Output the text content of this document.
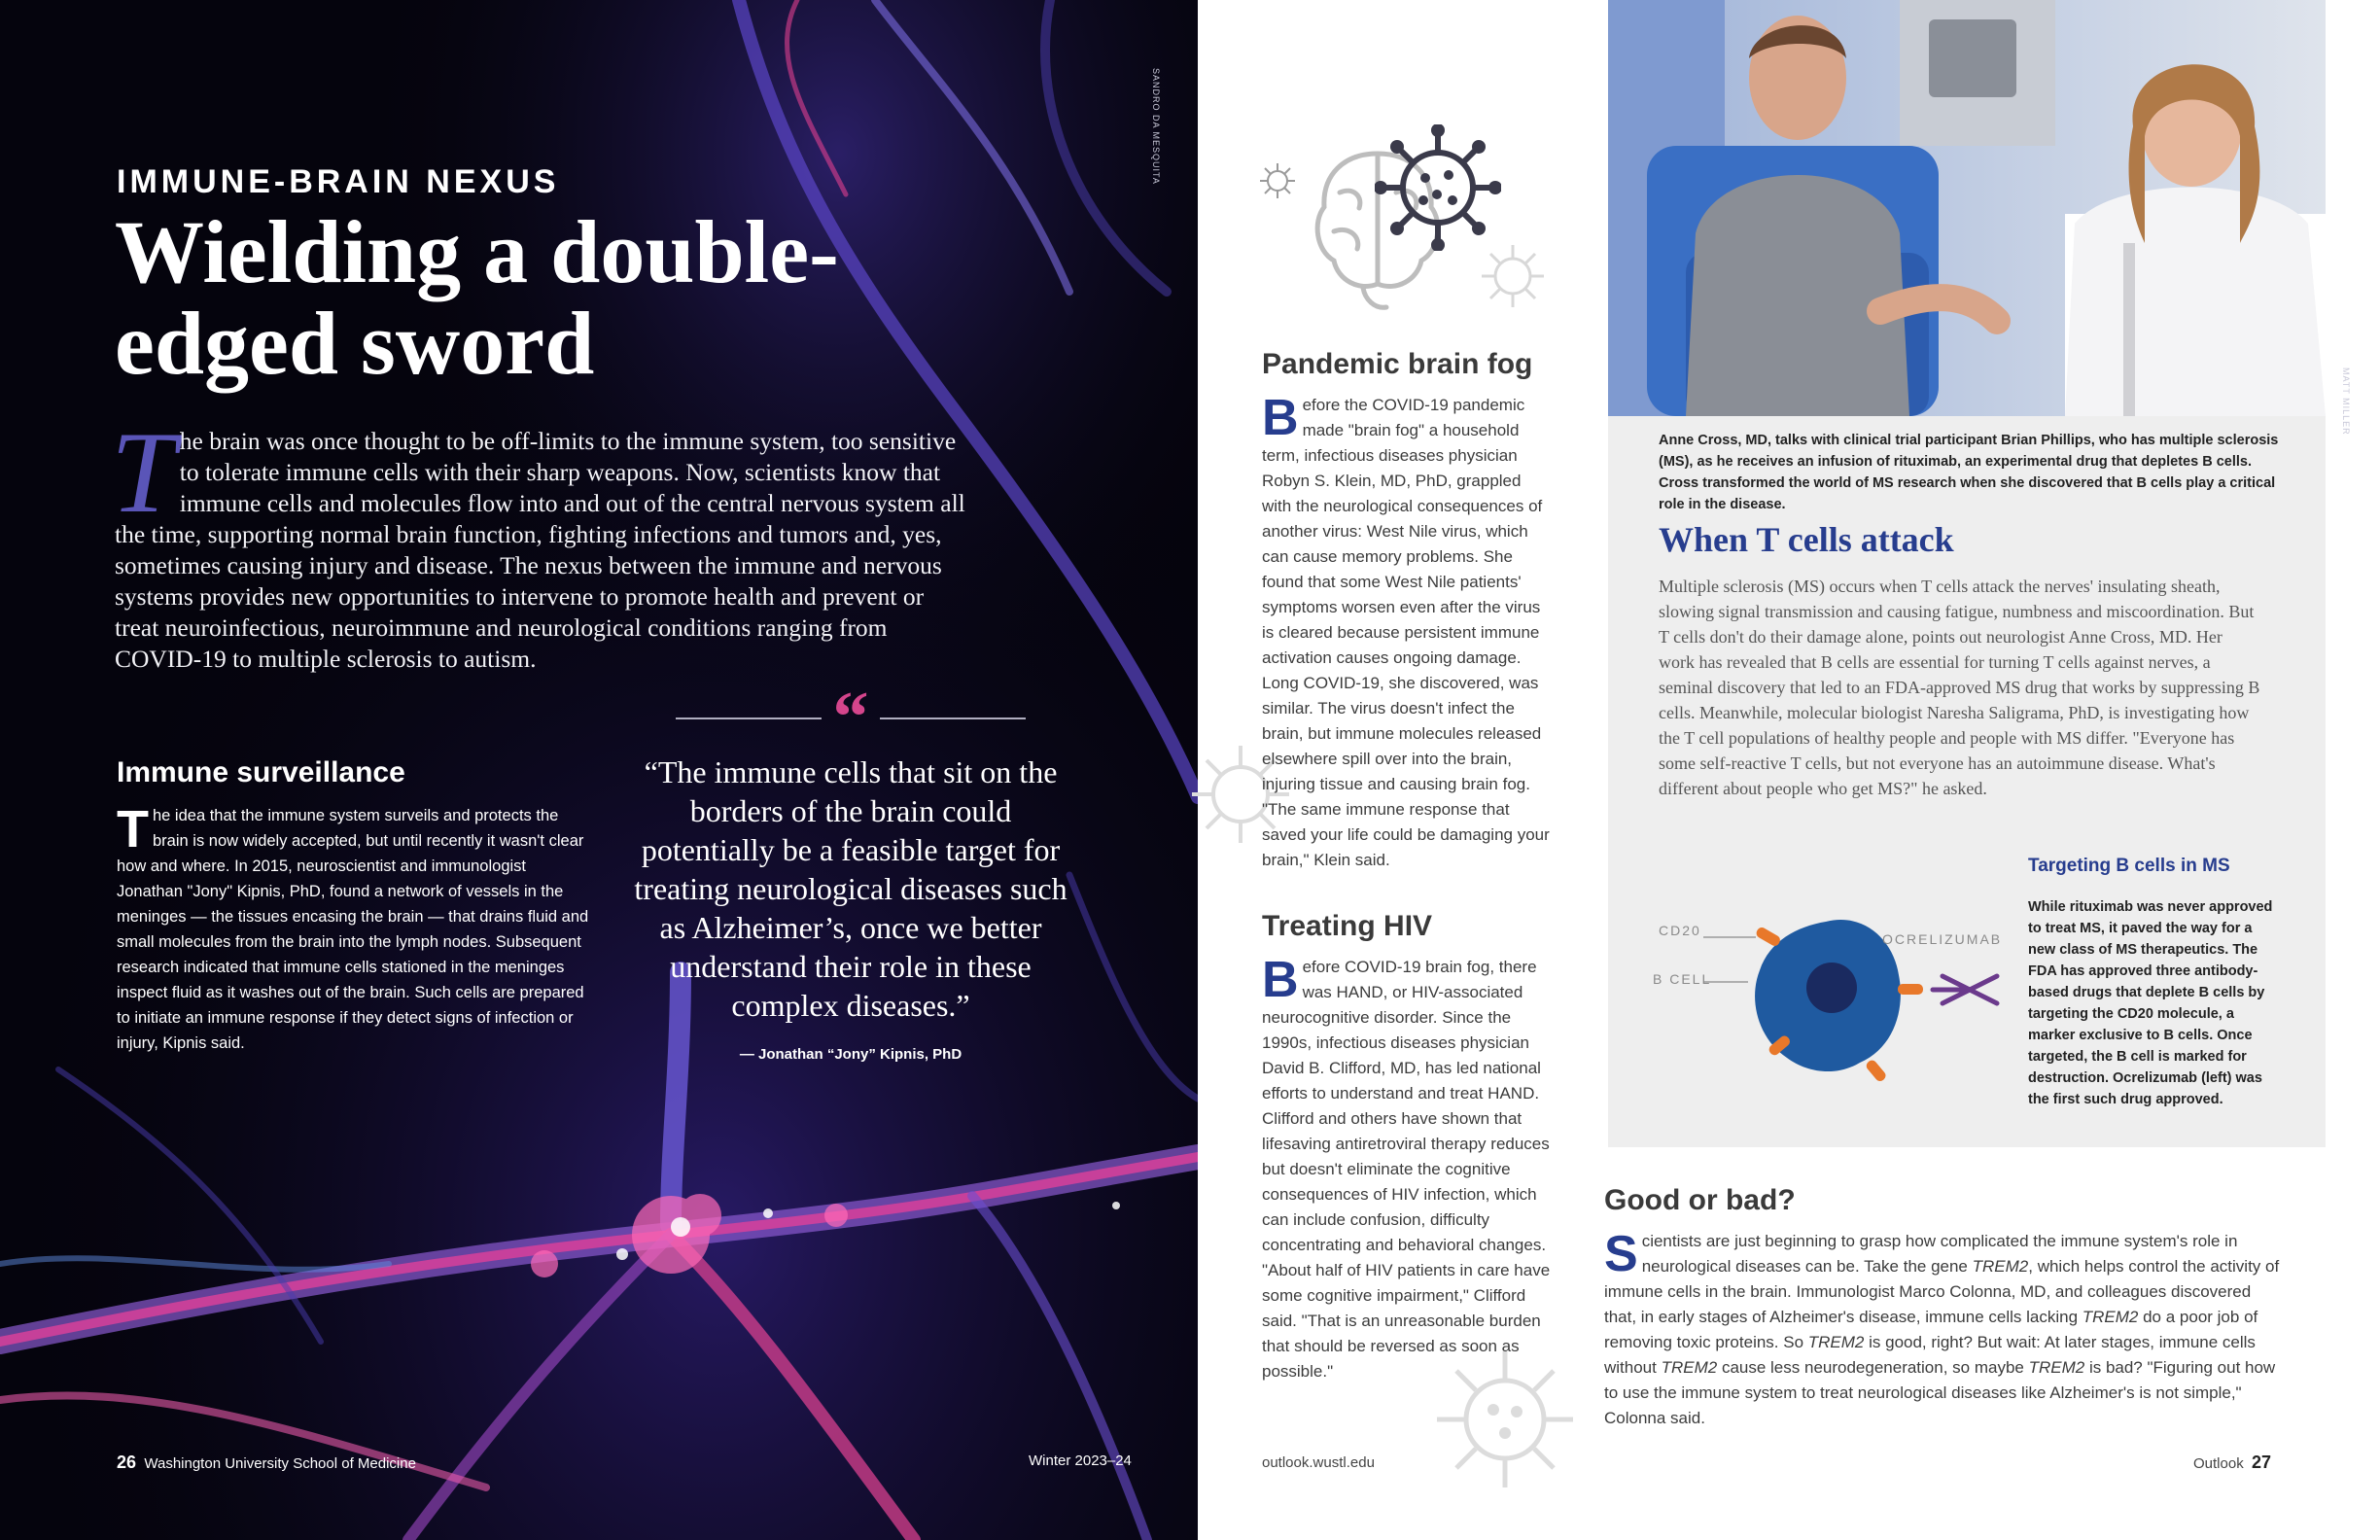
SANDRO DA MESQUITA
IMMUNE-BRAIN NEXUS
Wielding a double-edged sword

The brain was once thought to be off-limits to the immune system, too sensitive to tolerate immune cells with their sharp weapons. Now, scientists know that immune cells and molecules flow into and out of the central nervous system all the time, supporting normal brain function, fighting infections and tumors and, yes, sometimes causing injury and disease. The nexus between the immune and nervous systems provides new opportunities to intervene to promote health and prevent or treat neuroinfectious, neuroimmune and neurological conditions ranging from COVID-19 to multiple sclerosis to autism.

Immune surveillance

The idea that the immune system surveils and protects the brain is now widely accepted, but until recently it wasn't clear how and where. In 2015, neuroscientist and immunologist Jonathan "Jony" Kipnis, PhD, found a network of vessels in the meninges — the tissues encasing the brain — that drains fluid and small molecules from the brain into the lymph nodes. Subsequent research indicated that immune cells stationed in the meninges inspect fluid as it washes out of the brain. Such cells are prepared to initiate an immune response if they detect signs of infection or injury, Kipnis said.

“

“The immune cells that sit on the borders of the brain could potentially be a feasible target for treating neurological diseases such as Alzheimer’s, once we better understand their role in these complex diseases.”

— Jonathan “Jony” Kipnis, PhD

26 Washington University School of Medicine	Winter 2023–24
Pandemic brain fog

Before the COVID-19 pandemic made "brain fog" a household term, infectious diseases physician Robyn S. Klein, MD, PhD, grappled with the neurological consequences of another virus: West Nile virus, which can cause memory problems. She found that some West Nile patients' symptoms worsen even after the virus is cleared because persistent immune activation causes ongoing damage. Long COVID-19, she discovered, was similar. The virus doesn't infect the brain, but immune molecules released elsewhere spill over into the brain, injuring tissue and causing brain fog. "The same immune response that saved your life could be damaging your brain," Klein said.

Treating HIV

Before COVID-19 brain fog, there was HAND, or HIV-associated neurocognitive disorder. Since the 1990s, infectious diseases physician David B. Clifford, MD, has led national efforts to understand and treat HAND. Clifford and others have shown that lifesaving antiretroviral therapy reduces but doesn't eliminate the cognitive consequences of HIV infection, which can include confusion, difficulty concentrating and behavioral changes. "About half of HIV patients in care have some cognitive impairment," Clifford said. "That is an unreasonable burden that should be reversed as soon as possible."

MATT MILLER

Anne Cross, MD, talks with clinical trial participant Brian Phillips, who has multiple sclerosis (MS), as he receives an infusion of rituximab, an experimental drug that depletes B cells. Cross transformed the world of MS research when she discovered that B cells play a critical role in the disease.

When T cells attack

Multiple sclerosis (MS) occurs when T cells attack the nerves' insulating sheath, slowing signal transmission and causing fatigue, numbness and miscoordination. But T cells don't do their damage alone, points out neurologist Anne Cross, MD. Her work has revealed that B cells are essential for turning T cells against nerves, a seminal discovery that led to an FDA-approved MS drug that works by suppressing B cells. Meanwhile, molecular biologist Naresha Saligrama, PhD, is investigating how the T cell populations of healthy people and people with MS differ. "Everyone has some self-reactive T cells, but not everyone has an autoimmune disease. What's different about people who get MS?" he asked.

CD20
B CELL
OCRELIZUMAB
Targeting B cells in MS

While rituximab was never approved to treat MS, it paved the way for a new class of MS therapeutics. The FDA has approved three antibody-based drugs that deplete B cells by targeting the CD20 molecule, a marker exclusive to B cells. Once targeted, the B cell is marked for destruction. Ocrelizumab (left) was the first such drug approved.

Good or bad?

Scientists are just beginning to grasp how complicated the immune system's role in neurological diseases can be. Take the gene TREM2, which helps control the activity of immune cells in the brain. Immunologist Marco Colonna, MD, and colleagues discovered that, in early stages of Alzheimer's disease, immune cells lacking TREM2 do a poor job of removing toxic proteins. So TREM2 is good, right? But wait: At later stages, immune cells without TREM2 cause less neurodegeneration, so maybe TREM2 is bad? "Figuring out how to use the immune system to treat neurological diseases like Alzheimer's is not simple," Colonna said.

outlook.wustl.edu	Outlook 27
